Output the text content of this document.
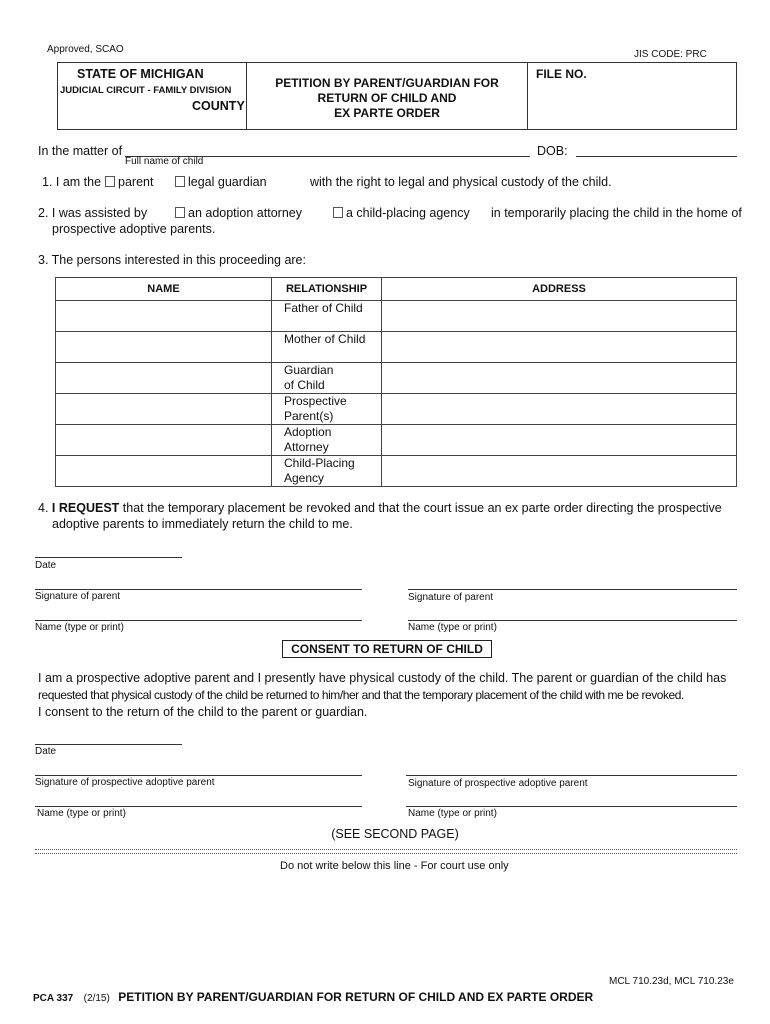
Approved, SCAO	JIS CODE: PRC
STATE OF MICHIGAN
JUDICIAL CIRCUIT - FAMILY DIVISION
COUNTY
PETITION BY PARENT/GUARDIAN FOR
RETURN OF CHILD AND
EX PARTE ORDER
FILE NO.
In the matter of
Full name of child
DOB:
1. I am the	parent	legal guardian	with the right to legal and physical custody of the child.
2. I was assisted by	an adoption attorney	a child-placing agency in temporarily placing the child in the home of
prospective adoptive parents.
3. The persons interested in this proceeding are:
NAME	RELATIONSHIP	ADDRESS

	Father of Child	

	Mother of Child	

	Guardian
of Child	

	Prospective
Parent(s)	

	Adoption
Attorney	

	Child-Placing
Agency	

4. I REQUEST that the temporary placement be revoked and that the court issue an ex parte order directing the prospective
adoptive parents to immediately return the child to me.
Date
Signature of parent	Signature of parent
Name (type or print)	Name (type or print)
CONSENT TO RETURN OF CHILD
I am a prospective adoptive parent and I presently have physical custody of the child. The parent or guardian of the child has
requested that physical custody of the child be returned to him/her and that the temporary placement of the child with me be revoked.
I consent to the return of the child to the parent or guardian.
Date
Signature of prospective adoptive parent	Signature of prospective adoptive parent
Name (type or print)	Name (type or print)
(SEE SECOND PAGE)
Do not write below this line - For court use only
MCL 710.23d, MCL 710.23e
PCA 337 (2/15) PETITION BY PARENT/GUARDIAN FOR RETURN OF CHILD AND EX PARTE ORDER
